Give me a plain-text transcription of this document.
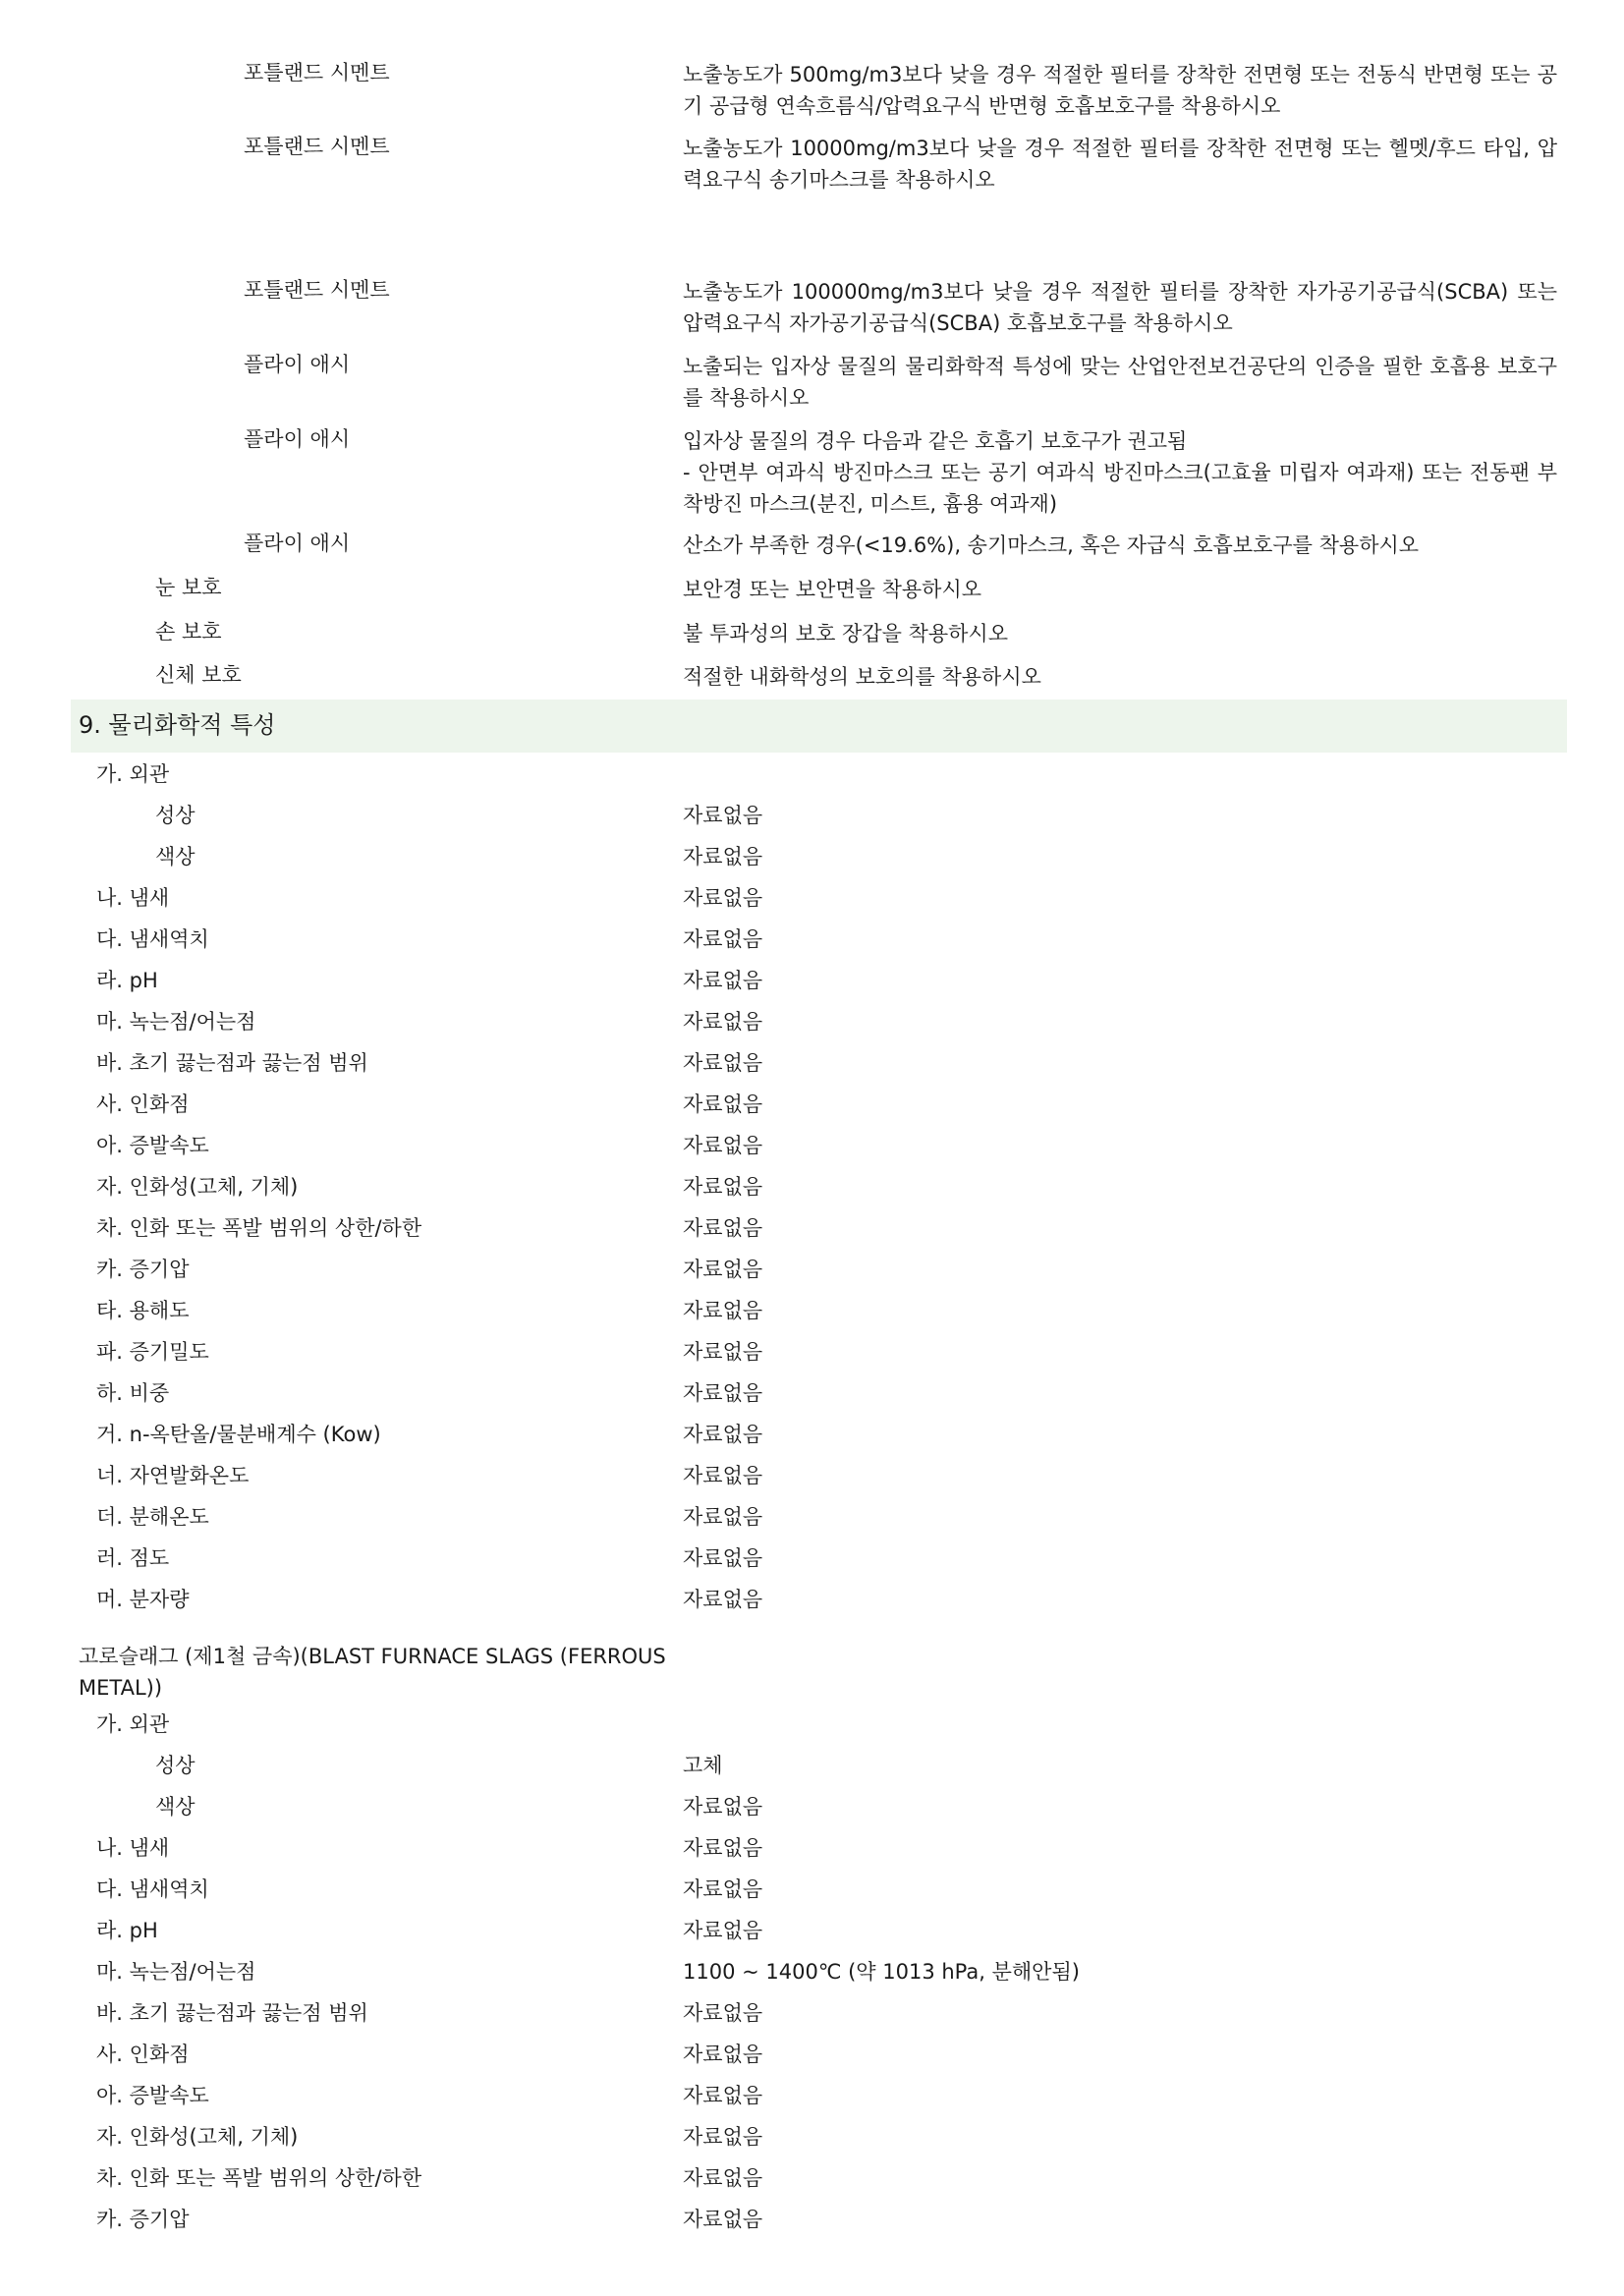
포틀랜드 시멘트	노출농도가 500mg/m3보다 낮을 경우 적절한 필터를 장착한 전면형 또는 전동식 반면형 또는 공기 공급형 연속흐름식/압력요구식 반면형 호흡보호구를 착용하시오
포틀랜드 시멘트	노출농도가 10000mg/m3보다 낮을 경우 적절한 필터를 장착한 전면형 또는 헬멧/후드 타입, 압력요구식 송기마스크를 착용하시오
포틀랜드 시멘트	노출농도가 100000mg/m3보다 낮을 경우 적절한 필터를 장착한 자가공기공급식(SCBA) 또는 압력요구식 자가공기공급식(SCBA) 호흡보호구를 착용하시오
플라이 애시	노출되는 입자상 물질의 물리화학적 특성에 맞는 산업안전보건공단의 인증을 필한 호흡용 보호구를 착용하시오
플라이 애시	입자상 물질의 경우 다음과 같은 호흡기 보호구가 권고됨
- 안면부 여과식 방진마스크 또는 공기 여과식 방진마스크(고효율 미립자 여과재) 또는 전동팬 부착방진 마스크(분진, 미스트, 흄용 여과재)
플라이 애시	산소가 부족한 경우(<19.6%), 송기마스크, 혹은 자급식 호흡보호구를 착용하시오
눈 보호	보안경 또는 보안면을 착용하시오
손 보호	불 투과성의 보호 장갑을 착용하시오
신체 보호	적절한 내화학성의 보호의를 착용하시오
9. 물리화학적 특성
가. 외관
성상	자료없음
색상	자료없음
나. 냄새	자료없음
다. 냄새역치	자료없음
라. pH	자료없음
마. 녹는점/어는점	자료없음
바. 초기 끓는점과 끓는점 범위	자료없음
사. 인화점	자료없음
아. 증발속도	자료없음
자. 인화성(고체, 기체)	자료없음
차. 인화 또는 폭발 범위의 상한/하한	자료없음
카. 증기압	자료없음
타. 용해도	자료없음
파. 증기밀도	자료없음
하. 비중	자료없음
거. n-옥탄올/물분배계수 (Kow)	자료없음
너. 자연발화온도	자료없음
더. 분해온도	자료없음
러. 점도	자료없음
머. 분자량	자료없음
고로슬래그 (제1철 금속)(BLAST FURNACE SLAGS (FERROUS METAL))
가. 외관
성상	고체
색상	자료없음
나. 냄새	자료없음
다. 냄새역치	자료없음
라. pH	자료없음
마. 녹는점/어는점	1100 ~ 1400℃ (약 1013 hPa, 분해안됨)
바. 초기 끓는점과 끓는점 범위	자료없음
사. 인화점	자료없음
아. 증발속도	자료없음
자. 인화성(고체, 기체)	자료없음
차. 인화 또는 폭발 범위의 상한/하한	자료없음
카. 증기압	자료없음
